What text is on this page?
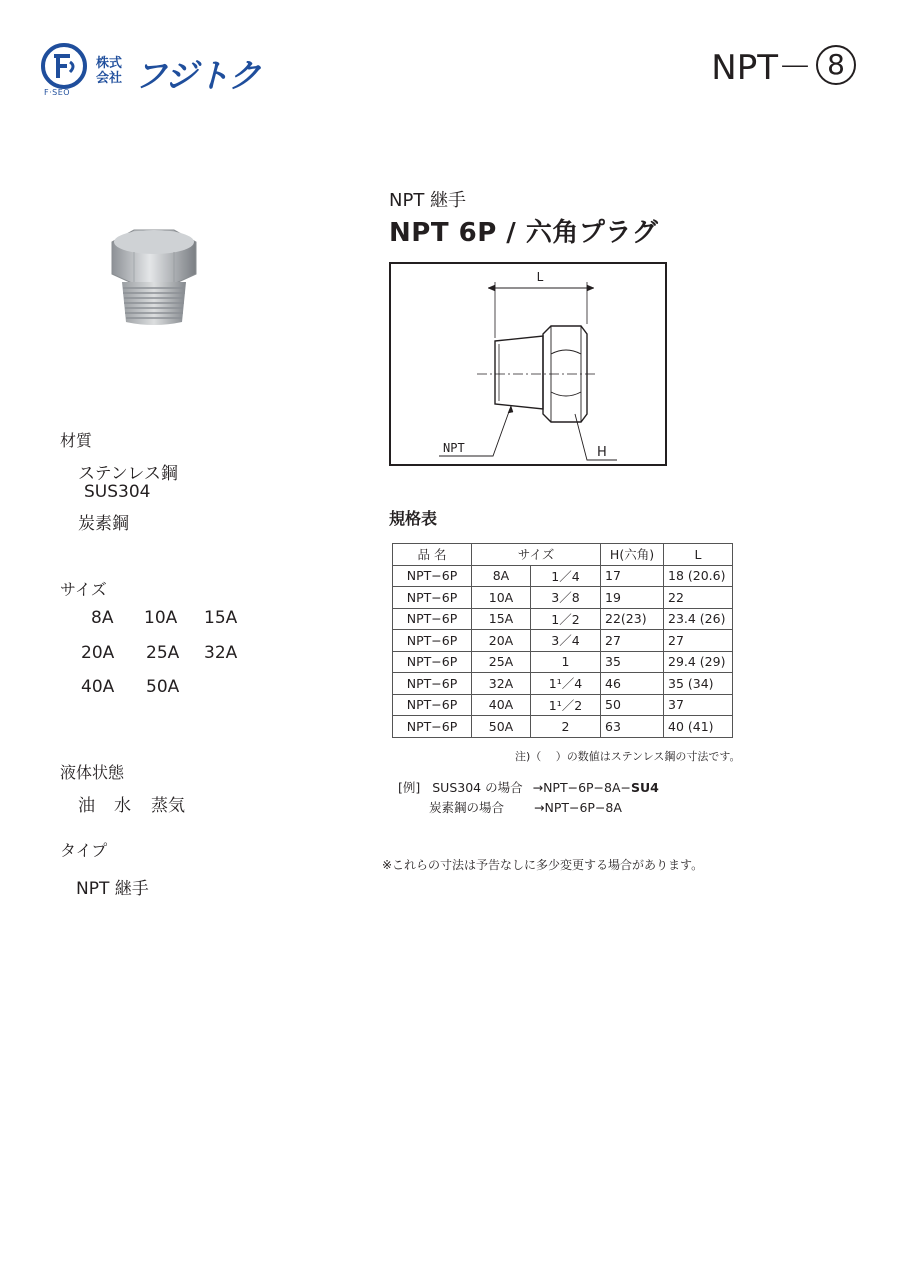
F·SEO
株式会社 フジトク	NPT－ 8
材質
ステンレス鋼
SUS304
炭素鋼
サイズ
8A 10A 15A
20A 25A 32A
40A 50A
液体状態
油 水 蒸気
タイプ
NPT 継手
NPT 継手
NPT 6P / 六角プラグ
L
NPT	H
規格表
品 名	サイズ		H(六角)	L
NPT−6P	8A	1／4	17	18 (20.6)
NPT−6P	10A	3／8	19	22
NPT−6P	15A	1／2	22(23)	23.4 (26)
NPT−6P	20A	3／4	27	27
NPT−6P	25A	1	35	29.4 (29)
NPT−6P	32A	1¹／4	46	35 (34)
NPT−6P	40A	1¹／2	50	37
NPT−6P	50A	2	63	40 (41)
注)（　 ）の数値はステンレス鋼の寸法です。
[例] SUS304 の場合 →NPT−6P−8A−SU4
炭素鋼の場合 →NPT−6P−8A
※これらの寸法は予告なしに多少変更する場合があります。
